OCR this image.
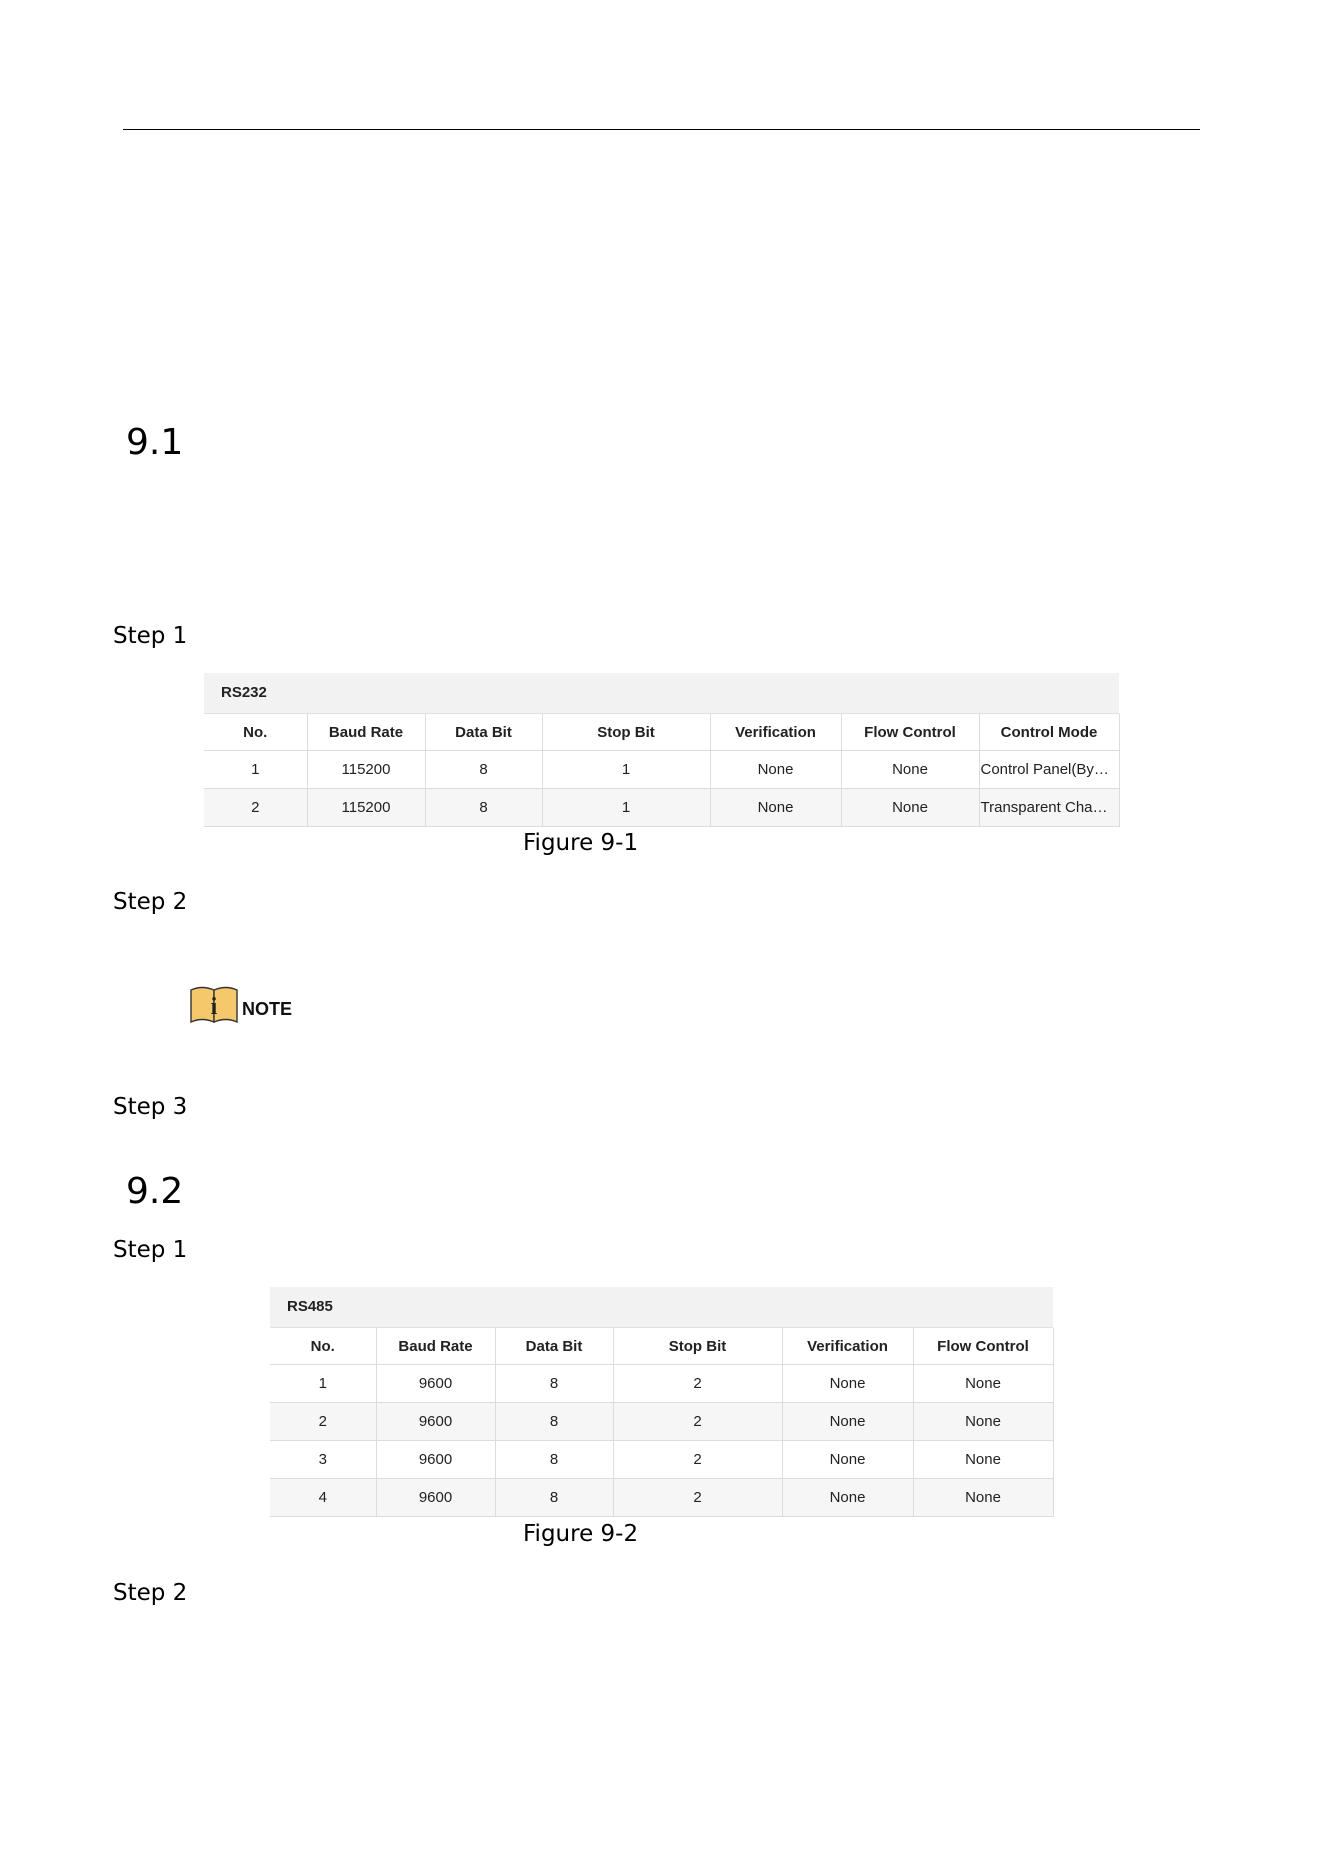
9.1
Step 1
RS232
No.	Baud Rate	Data Bit	Stop Bit	Verification	Flow Control	Control Mode
1	115200	8	1	None	None	Control Panel(By…
2	115200	8	1	None	None	Transparent Cha…
Figure 9-1
Step 2
i NOTE
Step 3
9.2
Step 1
RS485
No.	Baud Rate	Data Bit	Stop Bit	Verification	Flow Control
1	9600	8	2	None	None
2	9600	8	2	None	None
3	9600	8	2	None	None
4	9600	8	2	None	None
Figure 9-2
Step 2
